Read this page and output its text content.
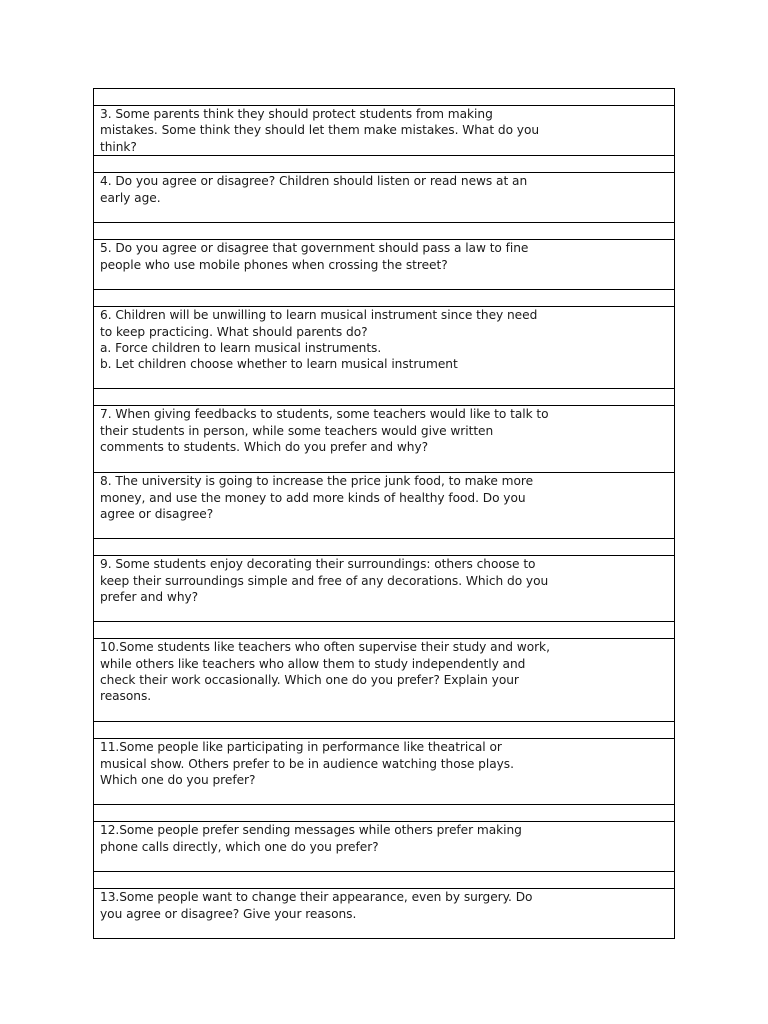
3. Some parents think they should protect students from making mistakes. Some think they should let them make mistakes. What do you think?

4. Do you agree or disagree? Children should listen or read news at an early age.

5. Do you agree or disagree that government should pass a law to fine people who use mobile phones when crossing the street?

6. Children will be unwilling to learn musical instrument since they need to keep practicing. What should parents do?
a. Force children to learn musical instruments.
b. Let children choose whether to learn musical instrument

7. When giving feedbacks to students, some teachers would like to talk to their students in person, while some teachers would give written comments to students. Which do you prefer and why?

8. The university is going to increase the price junk food, to make more money, and use the money to add more kinds of healthy food. Do you agree or disagree?

9. Some students enjoy decorating their surroundings: others choose to keep their surroundings simple and free of any decorations. Which do you prefer and why?

10.Some students like teachers who often supervise their study and work, while others like teachers who allow them to study independently and check their work occasionally. Which one do you prefer? Explain your reasons.

11.Some people like participating in performance like theatrical or musical show. Others prefer to be in audience watching those plays. Which one do you prefer?

12.Some people prefer sending messages while others prefer making phone calls directly, which one do you prefer?

13.Some people want to change their appearance, even by surgery. Do you agree or disagree? Give your reasons.
